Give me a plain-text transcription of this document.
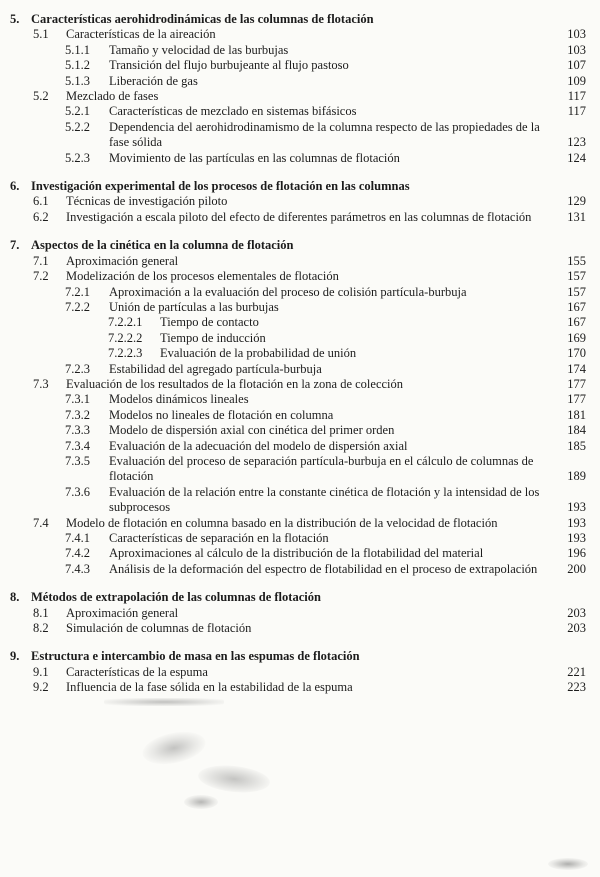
5. Características aerohidrodinámicas de las columnas de flotación
5.1	Características de la aireación	103
5.1.1	Tamaño y velocidad de las burbujas	103
5.1.2	Transición del flujo burbujeante al flujo pastoso	107
5.1.3	Liberación de gas	109
5.2	Mezclado de fases	117
5.2.1	Características de mezclado en sistemas bifásicos	117
5.2.2	Dependencia del aerohidrodinamismo de la columna respecto de las propiedades de la fase sólida	123
5.2.3	Movimiento de las partículas en las columnas de flotación	124
6. Investigación experimental de los procesos de flotación en las columnas
6.1	Técnicas de investigación piloto	129
6.2	Investigación a escala piloto del efecto de diferentes parámetros en las columnas de flotación	131
7. Aspectos de la cinética en la columna de flotación
7.1	Aproximación general	155
7.2	Modelización de los procesos elementales de flotación	157
7.2.1	Aproximación a la evaluación del proceso de colisión partícula-burbuja	157
7.2.2	Unión de partículas a las burbujas	167
7.2.2.1	Tiempo de contacto	167
7.2.2.2	Tiempo de inducción	169
7.2.2.3	Evaluación de la probabilidad de unión	170
7.2.3	Estabilidad del agregado partícula-burbuja	174
7.3	Evaluación de los resultados de la flotación en la zona de colección	177
7.3.1	Modelos dinámicos lineales	177
7.3.2	Modelos no lineales de flotación en columna	181
7.3.3	Modelo de dispersión axial con cinética del primer orden	184
7.3.4	Evaluación de la adecuación del modelo de dispersión axial	185
7.3.5	Evaluación del proceso de separación partícula-burbuja en el cálculo de columnas de flotación	189
7.3.6	Evaluación de la relación entre la constante cinética de flotación y la intensidad de los subprocesos	193
7.4	Modelo de flotación en columna basado en la distribución de la velocidad de flotación	193
7.4.1	Características de separación en la flotación	193
7.4.2	Aproximaciones al cálculo de la distribución de la flotabilidad del material	196
7.4.3	Análisis de la deformación del espectro de flotabilidad en el proceso de extrapolación	200
8. Métodos de extrapolación de las columnas de flotación
8.1	Aproximación general	203
8.2	Simulación de columnas de flotación	203
9. Estructura e intercambio de masa en las espumas de flotación
9.1	Características de la espuma	221
9.2	Influencia de la fase sólida en la estabilidad de la espuma	223
